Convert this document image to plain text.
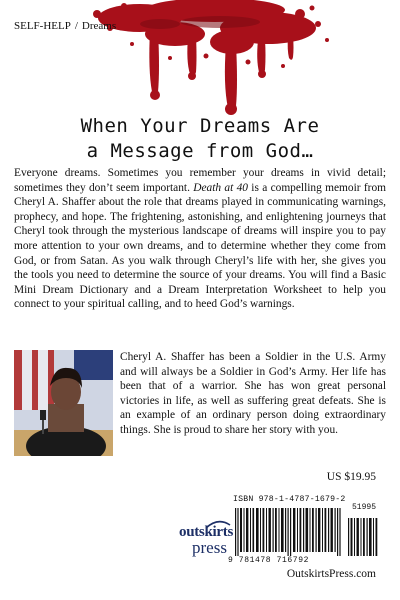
SELF-HELP / Dreams
When Your Dreams Are
a Message from God…

Everyone dreams. Sometimes you remember your dreams in vivid detail; sometimes they don’t seem important. Death at 40 is a compelling memoir from Cheryl A. Shaffer about the role that dreams played in communicating warnings, prophecy, and hope. The frightening, astonishing, and enlightening journeys that Cheryl took through the mysterious landscape of dreams will inspire you to pay more attention to your own dreams, and to determine whether they come from God, or from Satan. As you walk through Cheryl’s life with her, she gives you the tools you need to determine the source of your dreams. You will find a Basic Mini Dream Dictionary and a Dream Interpretation Worksheet to help you connect to your spiritual calling, and to heed God’s warnings.

Cheryl A. Shaffer has been a Soldier in the U.S. Army and will always be a Soldier in God’s Army. Her life has been that of a warrior. She has won great personal victories in life, as well as suffering great defeats. She is an example of an ordinary person doing extraordinary things. She is proud to share her story with you.

US $19.95
ISBN 978-1-4787-1679-2
51995
9 781478 716792
outskirts
press
OutskirtsPress.com
